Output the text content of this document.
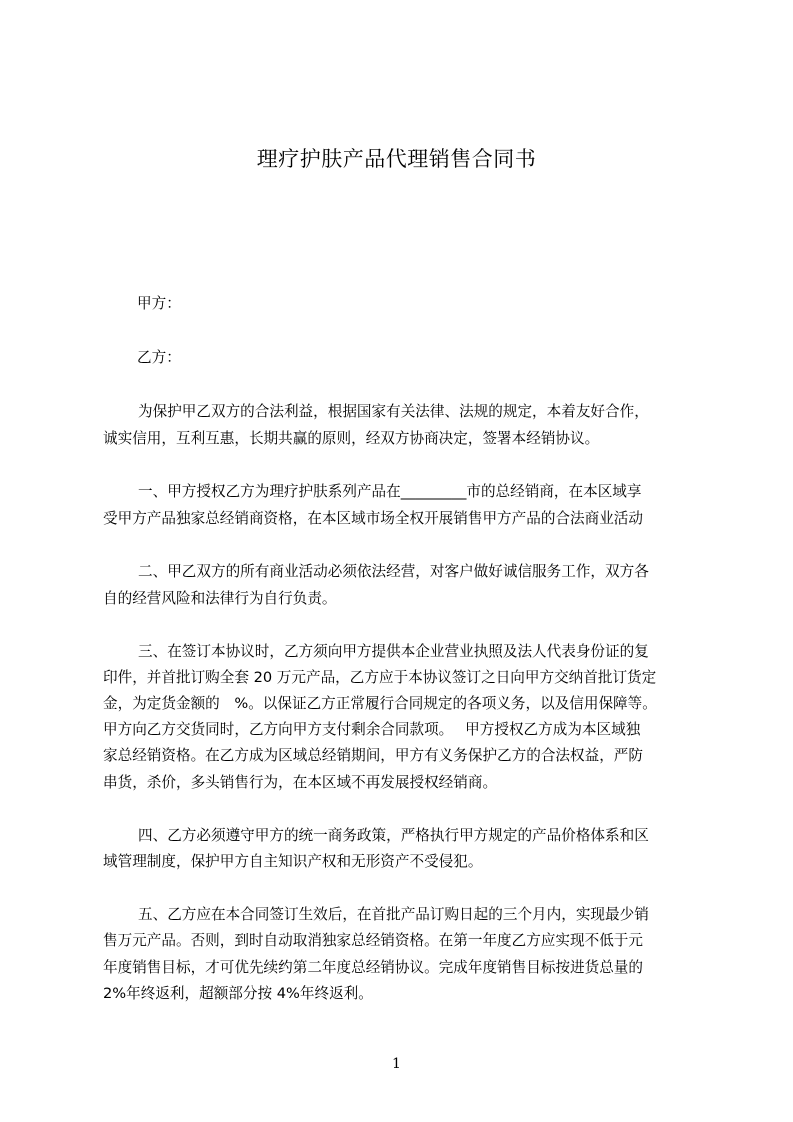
理疗护肤产品代理销售合同书
甲方：
乙方：
为保护甲乙双方的合法利益，根据国家有关法律、法规的规定，本着友好合作，
诚实信用，互利互惠，长期共赢的原则，经双方协商决定，签署本经销协议。
一、甲方授权乙方为理疗护肤系列产品在_________市的总经销商，在本区域享
受甲方产品独家总经销商资格，在本区域市场全权开展销售甲方产品的合法商业活动
二、甲乙双方的所有商业活动必须依法经营，对客户做好诚信服务工作，双方各
自的经营风险和法律行为自行负责。
三、在签订本协议时，乙方须向甲方提供本企业营业执照及法人代表身份证的复
印件，并首批订购全套 20 万元产品，乙方应于本协议签订之日向甲方交纳首批订货定
金，为定货金额的　%。以保证乙方正常履行合同规定的各项义务，以及信用保障等。
甲方向乙方交货同时，乙方向甲方支付剩余合同款项。　 甲方授权乙方成为本区域独
家总经销资格。在乙方成为区域总经销期间，甲方有义务保护乙方的合法权益，严防
串货，杀价，多头销售行为，在本区域不再发展授权经销商。
四、乙方必须遵守甲方的统一商务政策，严格执行甲方规定的产品价格体系和区
域管理制度，保护甲方自主知识产权和无形资产不受侵犯。
五、乙方应在本合同签订生效后，在首批产品订购日起的三个月内，实现最少销
售万元产品。否则，到时自动取消独家总经销资格。在第一年度乙方应实现不低于元
年度销售目标，才可优先续约第二年度总经销协议。完成年度销售目标按进货总量的
2%年终返利，超额部分按 4%年终返利。
1
